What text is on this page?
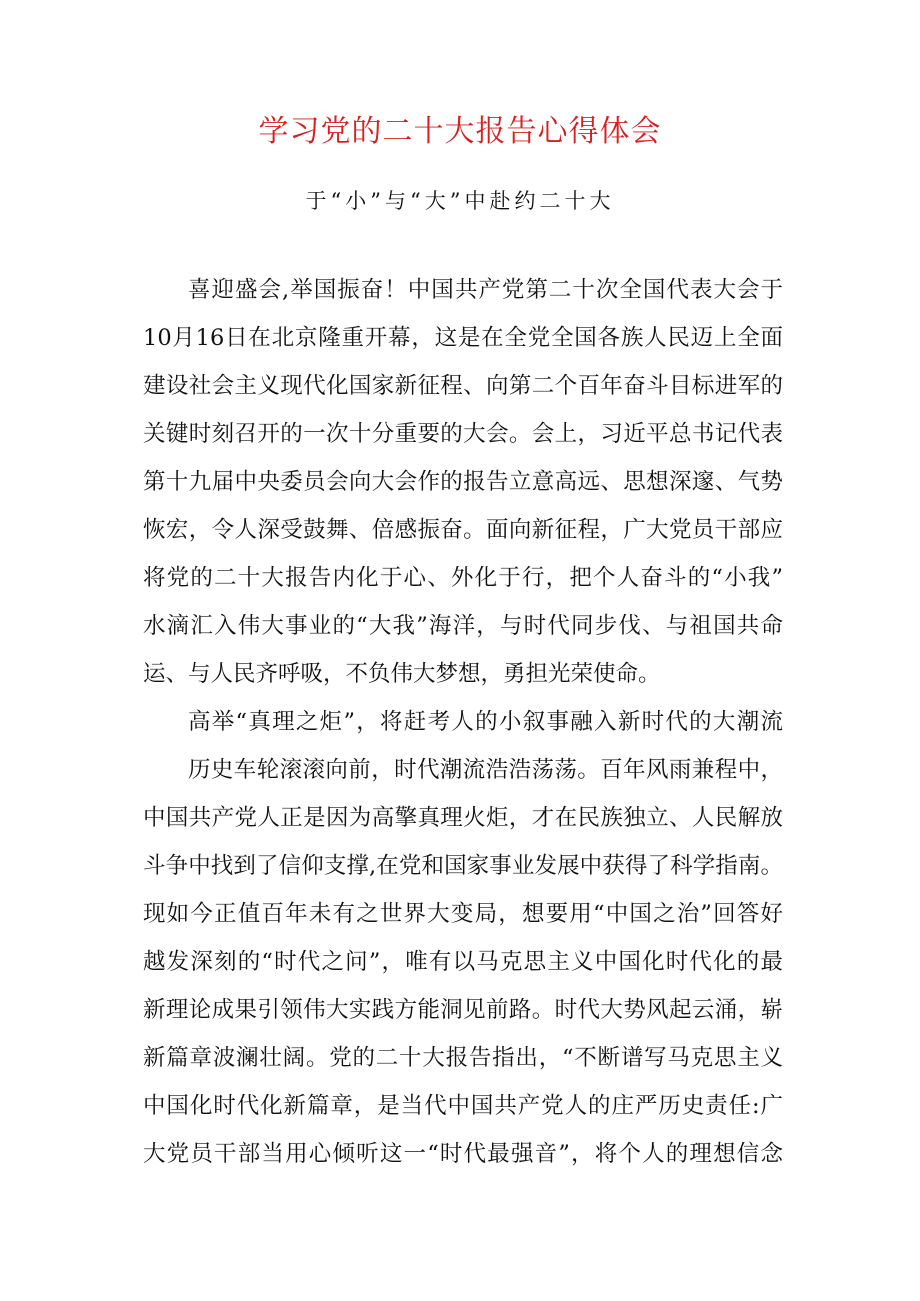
学习党的二十大报告心得体会
于“小”与“大”中赴约二十大

喜迎盛会,举国振奋！中国共产党第二十次全国代表大会于

10月16日在北京隆重开幕，这是在全党全国各族人民迈上全面

建设社会主义现代化国家新征程、向第二个百年奋斗目标进军的

关键时刻召开的一次十分重要的大会。会上，习近平总书记代表

第十九届中央委员会向大会作的报告立意高远、思想深邃、气势

恢宏，令人深受鼓舞、倍感振奋。面向新征程，广大党员干部应

将党的二十大报告内化于心、外化于行，把个人奋斗的“小我”

水滴汇入伟大事业的“大我”海洋，与时代同步伐、与祖国共命

运、与人民齐呼吸，不负伟大梦想，勇担光荣使命。

高举“真理之炬”，将赶考人的小叙事融入新时代的大潮流

历史车轮滚滚向前，时代潮流浩浩荡荡。百年风雨兼程中，

中国共产党人正是因为高擎真理火炬，才在民族独立、人民解放

斗争中找到了信仰支撑,在党和国家事业发展中获得了科学指南。

现如今正值百年未有之世界大变局，想要用“中国之治”回答好

越发深刻的“时代之问”，唯有以马克思主义中国化时代化的最

新理论成果引领伟大实践方能洞见前路。时代大势风起云涌，崭

新篇章波澜壮阔。党的二十大报告指出，“不断谱写马克思主义

中国化时代化新篇章，是当代中国共产党人的庄严历史责任:广

大党员干部当用心倾听这一“时代最强音”，将个人的理想信念
